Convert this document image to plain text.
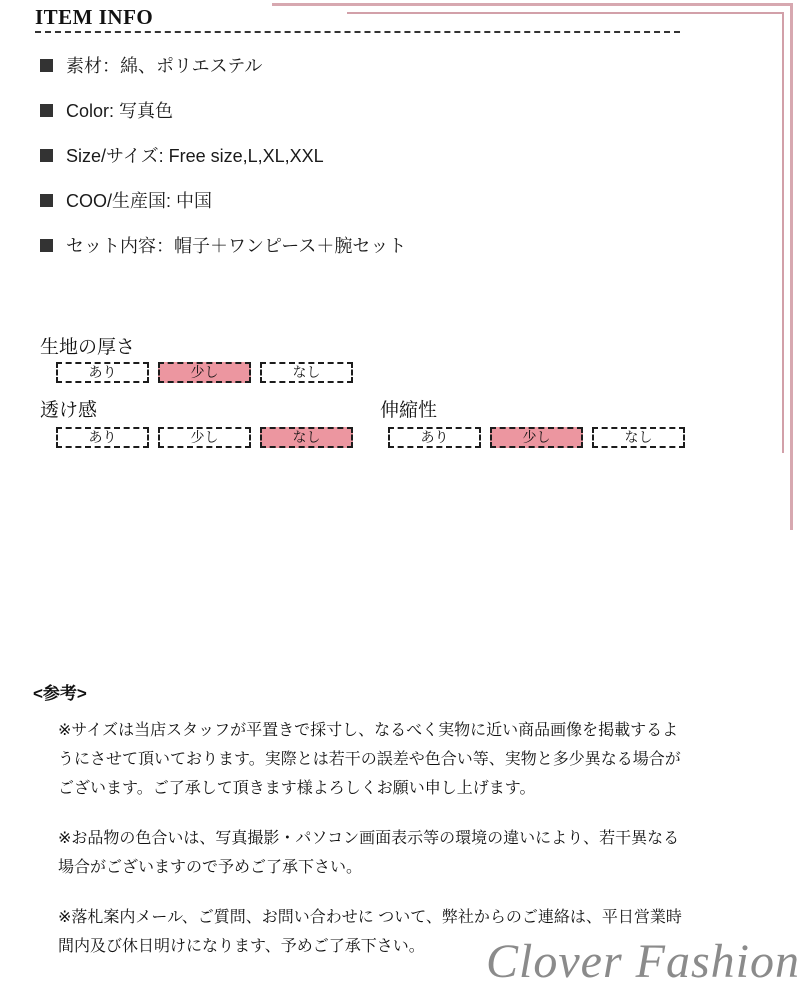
ITEM INFO
素材：綿、ポリエステル
Color: 写真色
Size/サイズ: Free size,L,XL,XXL
COO/生産国: 中国
セット内容：帽子＋ワンピース＋腕セット
生地の厚さ
あり	少し	なし
透け感
あり	少し	なし
伸縮性
あり	少し	なし
<参考>
※サイズは当店スタッフが平置きで採寸し、なるべく実物に近い商品画像を掲載するよ
うにさせて頂いております。実際とは若干の誤差や色合い等、実物と多少異なる場合が
ございます。ご了承して頂きます様よろしくお願い申し上げます。
※お品物の色合いは、写真撮影・パソコン画面表示等の環境の違いにより、若干異なる
場合がございますので予めご了承下さい。
※落札案内メール、ご質問、お問い合わせに ついて、弊社からのご連絡は、平日営業時
間内及び休日明けになります、予めご了承下さい。	Clover Fashion
